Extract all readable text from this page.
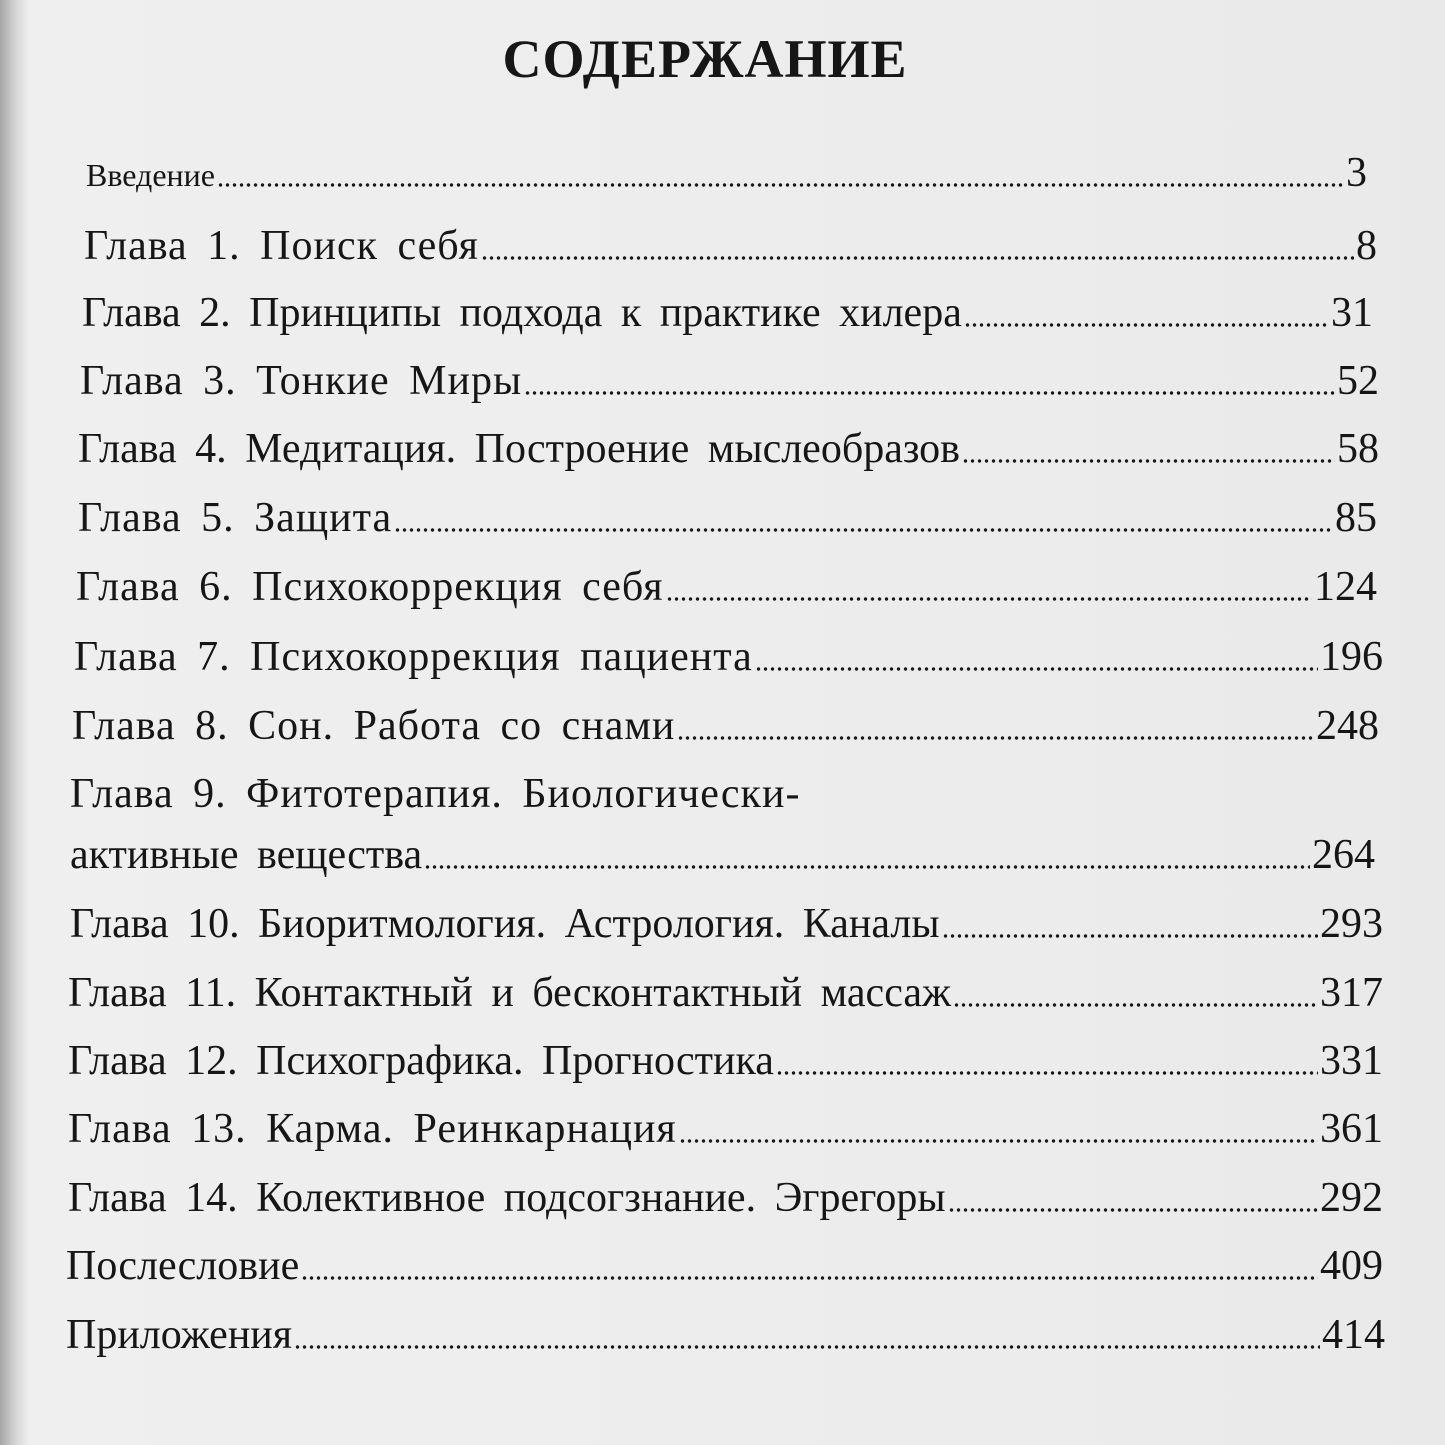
СОДЕРЖАНИЕ
Введение	3
Глава 1. Поиск себя	8
Глава 2. Принципы подхода к практике хилера	31
Глава 3. Тонкие Миры	52
Глава 4. Медитация. Построение мыслеобразов	58
Глава 5. Защита	85
Глава 6. Психокоррекция себя	124
Глава 7. Психокоррекция пациента	196
Глава 8. Сон. Работа со снами	248
Глава 9. Фитотерапия. Биологически-
активные вещества	264
Глава 10. Биоритмология. Астрология. Каналы	293
Глава 11. Контактный и бесконтактный массаж	317
Глава 12. Психографика. Прогностика	331
Глава 13. Карма. Реинкарнация	361
Глава 14. Колективное подсогзнание. Эгрегоры	292
Послесловие	409
Приложения	414
